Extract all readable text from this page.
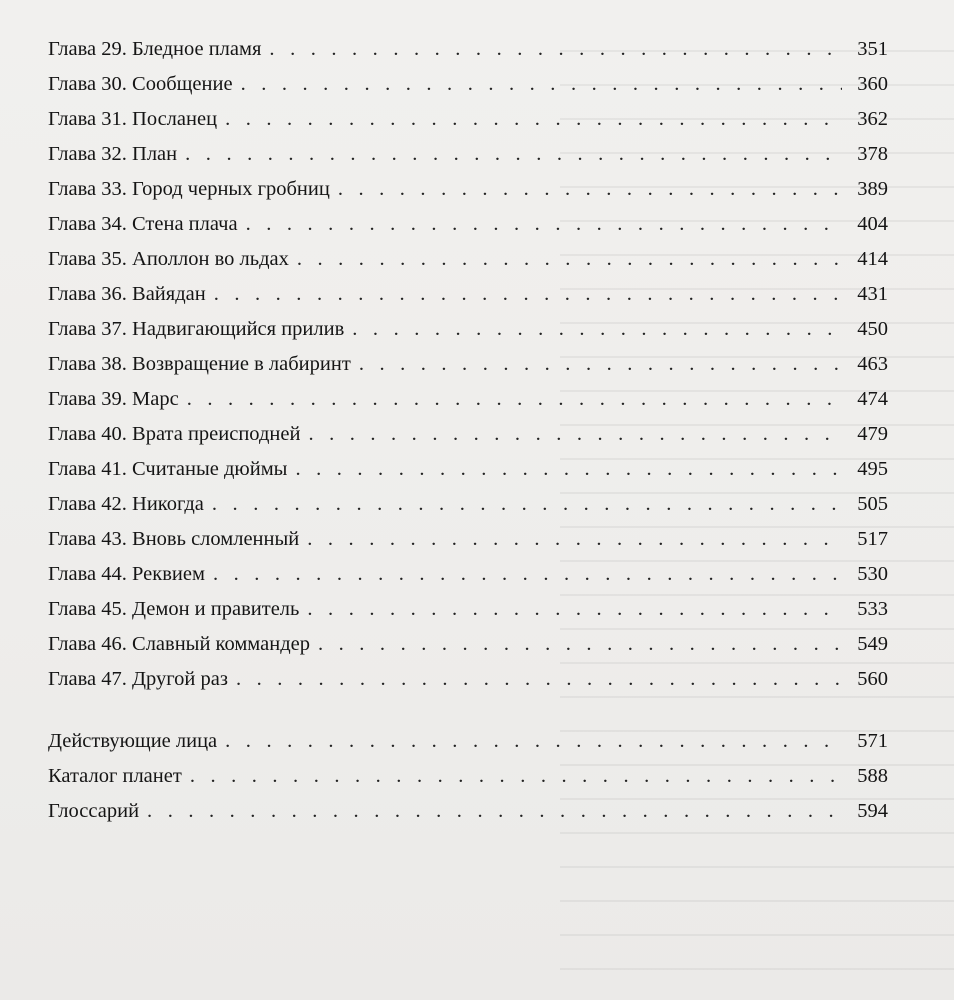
Глава 29. Бледное пламя . . .	351
Глава 30. Сообщение . . .	360
Глава 31. Посланец . . .	362
Глава 32. План . . .	378
Глава 33. Город черных гробниц . . .	389
Глава 34. Стена плача . . .	404
Глава 35. Аполлон во льдах . . .	414
Глава 36. Вайядан . . .	431
Глава 37. Надвигающийся прилив . . .	450
Глава 38. Возвращение в лабиринт . . .	463
Глава 39. Марс . . .	474
Глава 40. Врата преисподней . . .	479
Глава 41. Считаные дюймы . . .	495
Глава 42. Никогда . . .	505
Глава 43. Вновь сломленный . . .	517
Глава 44. Реквием . . .	530
Глава 45. Демон и правитель . . .	533
Глава 46. Славный коммандер . . .	549
Глава 47. Другой раз . . .	560
Действующие лица . . .	571
Каталог планет . . .	588
Глоссарий . . .	594
